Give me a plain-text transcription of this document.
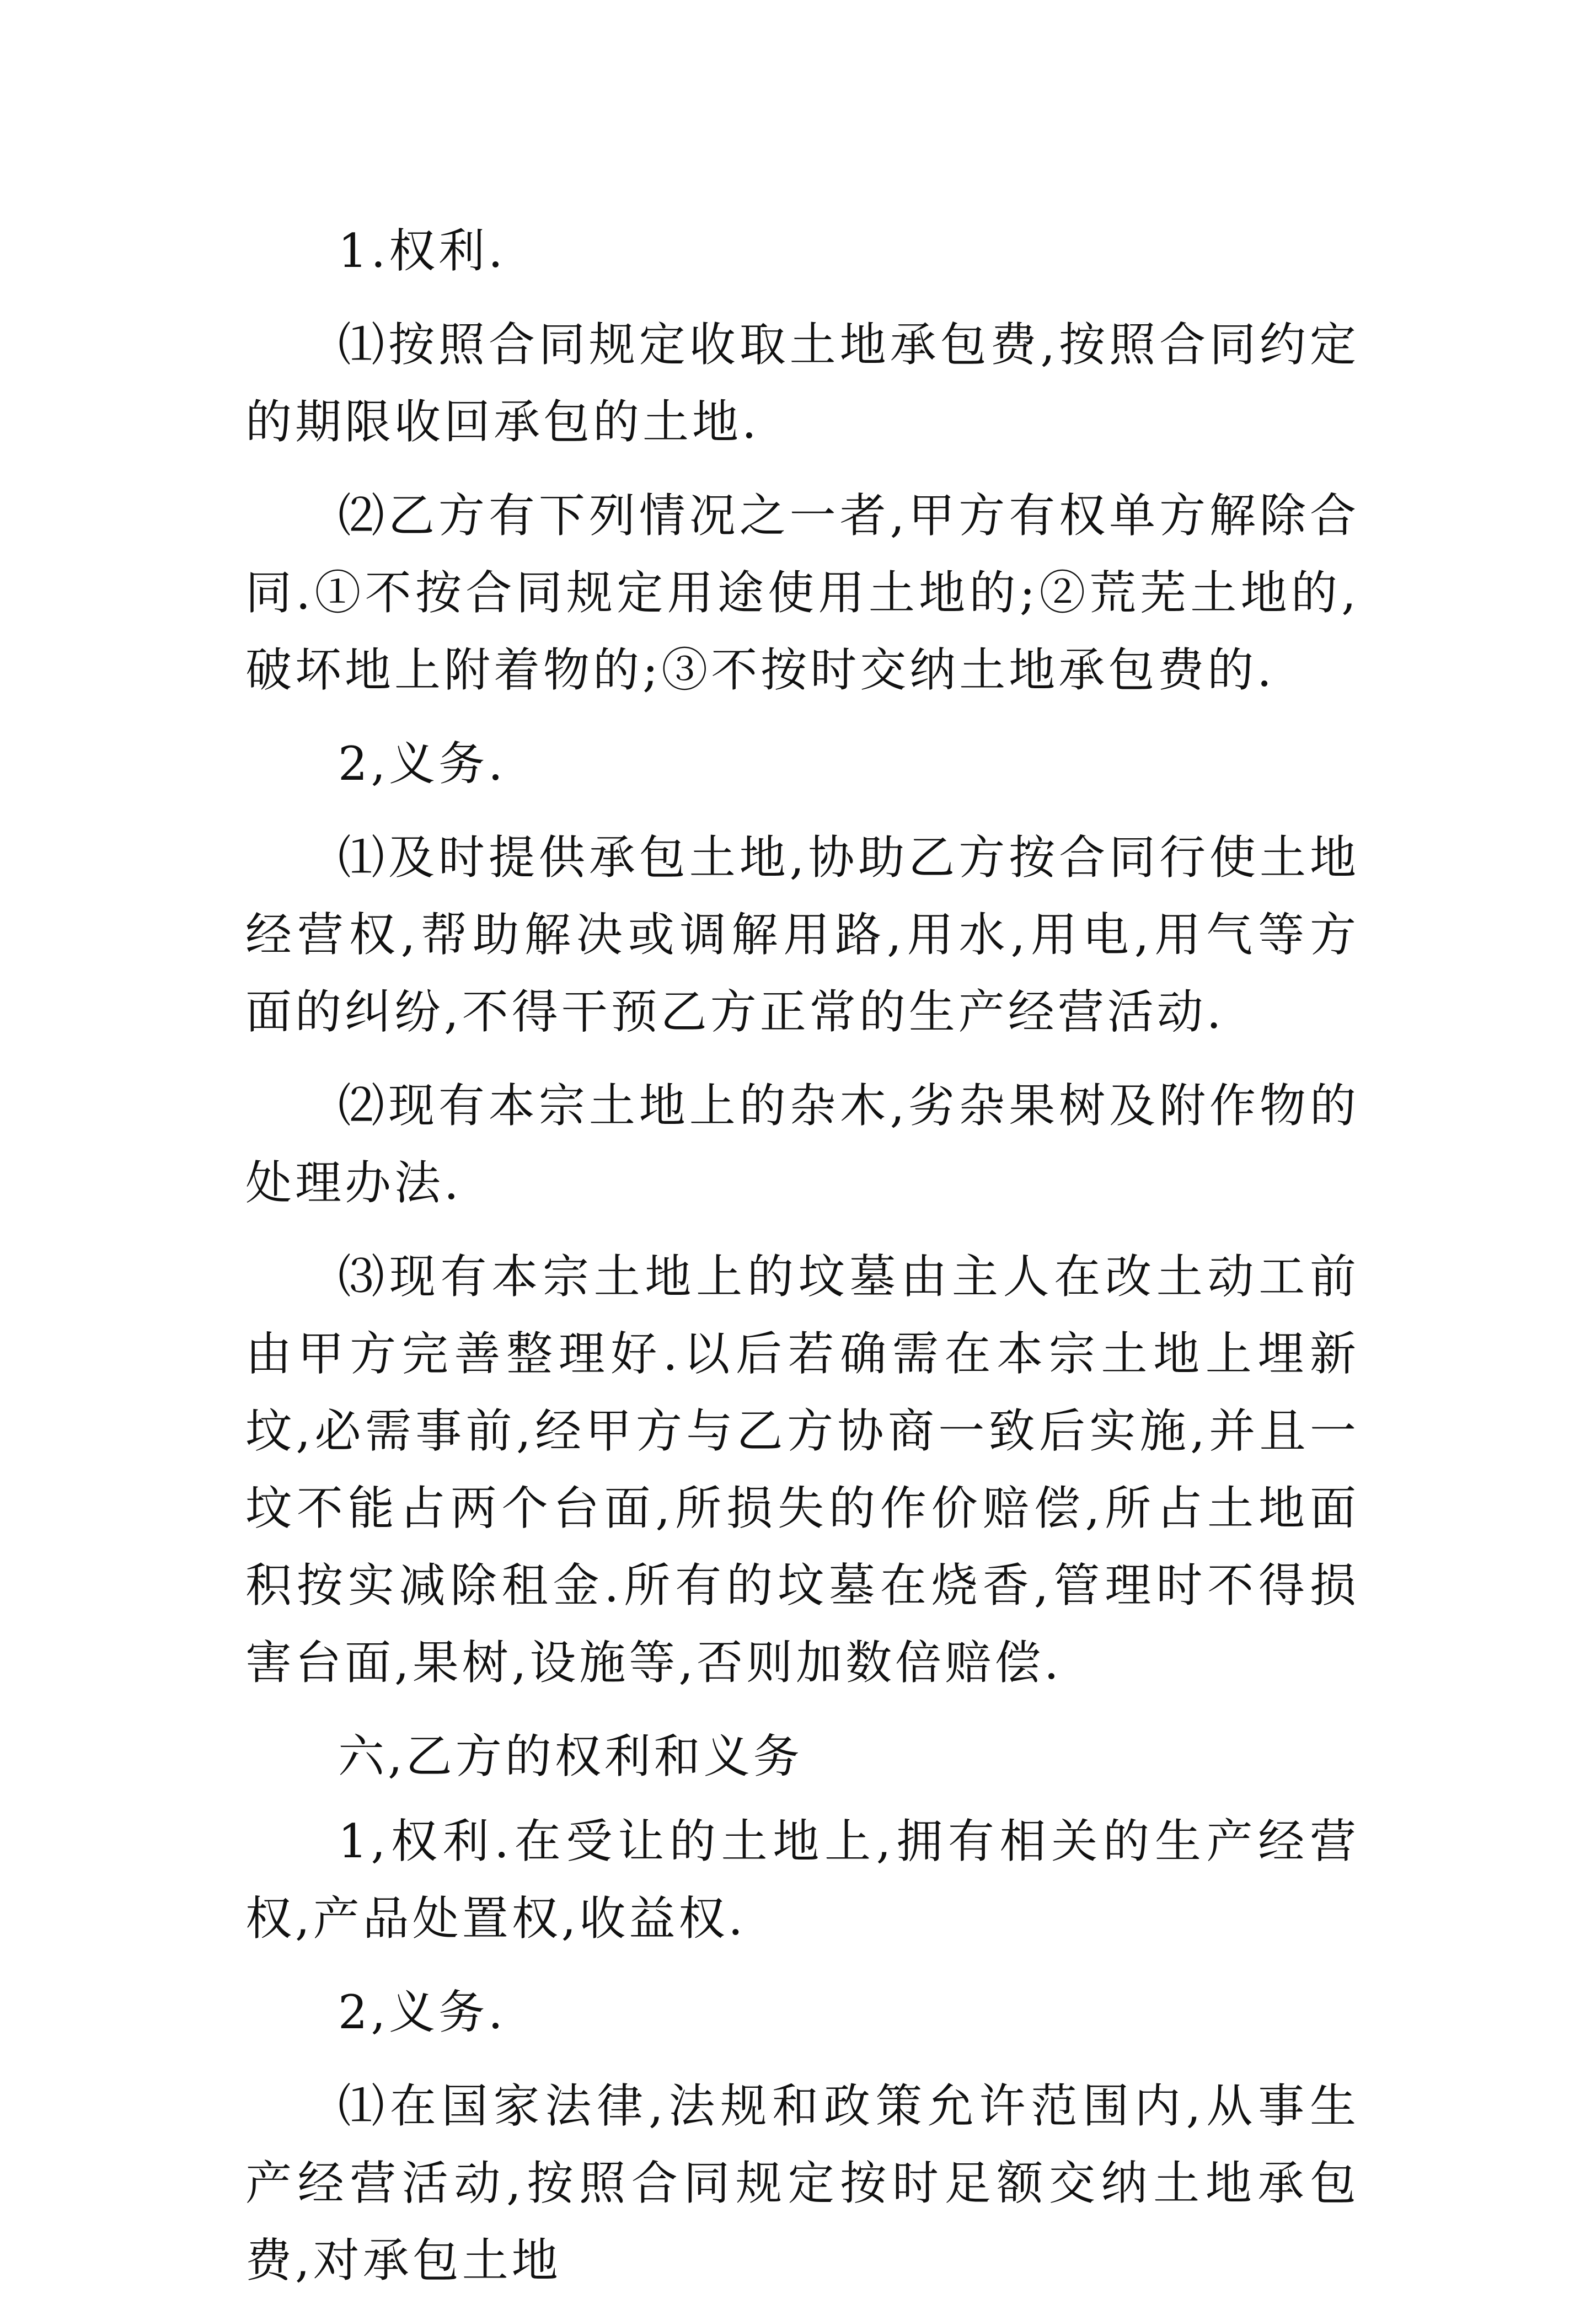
1.权利.

⑴按照合同规定收取土地承包费,按照合同约定的期限收回承包的土地.

⑵乙方有下列情况之一者,甲方有权单方解除合同.①不按合同规定用途使用土地的;②荒芜土地的,破坏地上附着物的;③不按时交纳土地承包费的.

2,义务.

⑴及时提供承包土地,协助乙方按合同行使土地经营权,帮助解决或调解用路,用水,用电,用气等方面的纠纷,不得干预乙方正常的生产经营活动.

⑵现有本宗土地上的杂木,劣杂果树及附作物的处理办法.

⑶现有本宗土地上的坟墓由主人在改土动工前由甲方完善整理好.以后若确需在本宗土地上埋新坟,必需事前,经甲方与乙方协商一致后实施,并且一坟不能占两个台面,所损失的作价赔偿,所占土地面积按实减除租金.所有的坟墓在烧香,管理时不得损害台面,果树,设施等,否则加数倍赔偿.

六,乙方的权利和义务

1,权利.在受让的土地上,拥有相关的生产经营权,产品处置权,收益权.

2,义务.

⑴在国家法律,法规和政策允许范围内,从事生产经营活动,按照合同规定按时足额交纳土地承包费,对承包土地
